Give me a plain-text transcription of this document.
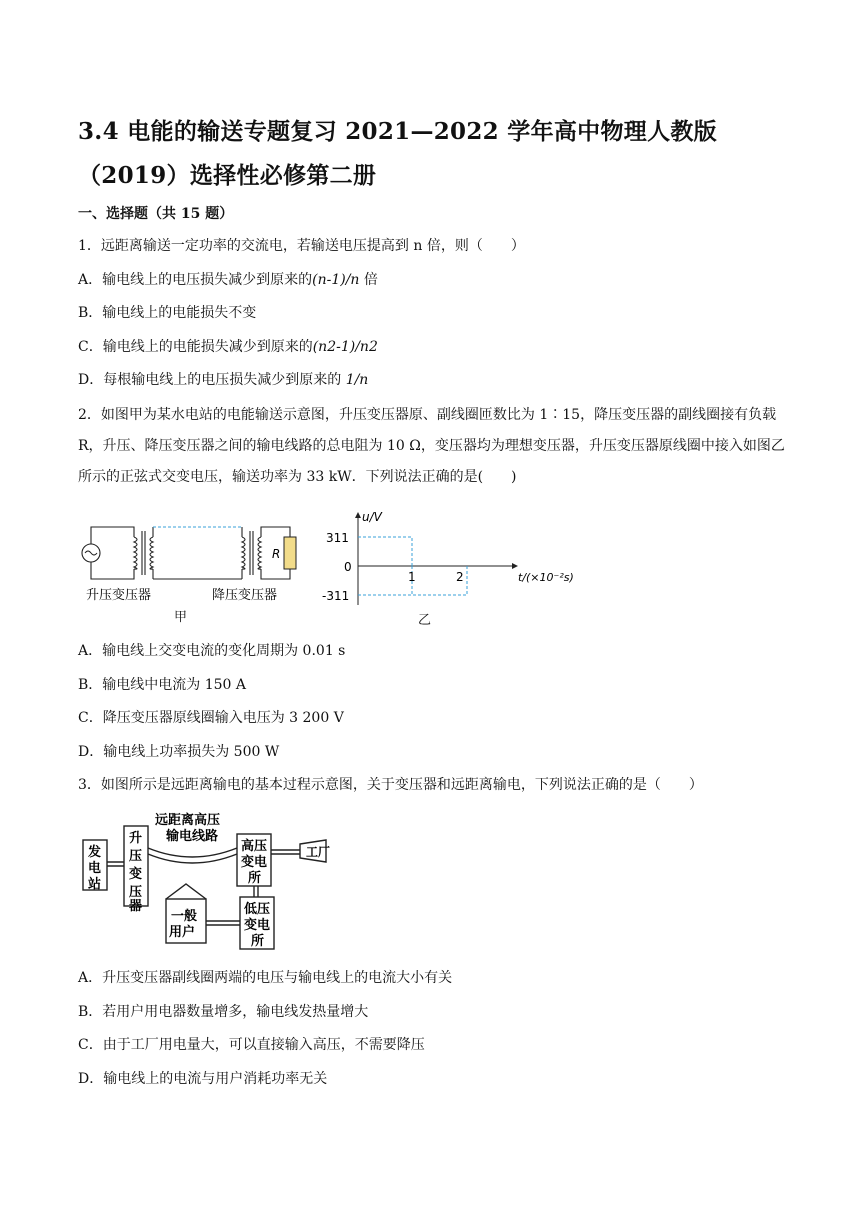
3.4 电能的输送专题复习 2021—2022 学年高中物理人教版（2019）选择性必修第二册
一、选择题（共 15 题）
1．远距离输送一定功率的交流电，若输送电压提高到 n 倍，则（　　）
A．输电线上的电压损失减少到原来的(n-1)/n 倍
B．输电线上的电能损失不变
C．输电线上的电能损失减少到原来的(n2-1)/n2
D．每根输电线上的电压损失减少到原来的 1/n
2．如图甲为某水电站的电能输送示意图，升压变压器原、副线圈匝数比为 1∶15，降压变压器的副线圈接有负载 R，升压、降压变压器之间的输电线路的总电阻为 10 Ω，变压器均为理想变压器，升压变压器原线圈中接入如图乙所示的正弦式交变电压，输送功率为 33 kW．下列说法正确的是(　　)
R
升压变压器	降压变压器
甲
u/V
311
0
-311
1	2	t/(×10⁻²s)
乙
A．输电线上交变电流的变化周期为 0.01 s
B．输电线中电流为 150 A
C．降压变压器原线圈输入电压为 3 200 V
D．输电线上功率损失为 500 W
3．如图所示是远距离输电的基本过程示意图，关于变压器和远距离输电，下列说法正确的是（　　）
发
电
站
升
压
变
压
器
远距离高压
输电线路
高压
变电
所
低压
变电
所
一般
用户
工厂
A．升压变压器副线圈两端的电压与输电线上的电流大小有关
B．若用户用电器数量增多，输电线发热量增大
C．由于工厂用电量大，可以直接输入高压，不需要降压
D．输电线上的电流与用户消耗功率无关
